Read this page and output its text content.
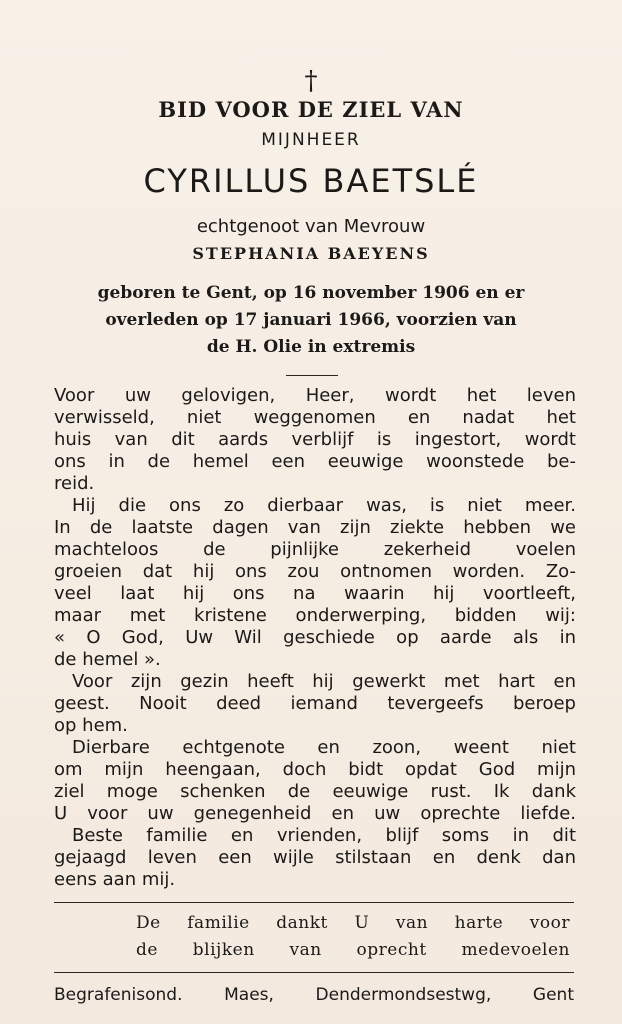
†
BID VOOR DE ZIEL VAN
MIJNHEER
CYRILLUS BAETSLÉ
echtgenoot van Mevrouw
STEPHANIA BAEYENS
geboren te Gent, op 16 november 1906 en er
overleden op 17 januari 1966, voorzien van
de H. Olie in extremis
Voor uw gelovigen, Heer, wordt het leven
verwisseld, niet weggenomen en nadat het
huis van dit aards verblijf is ingestort, wordt
ons in de hemel een eeuwige woonstede be-
reid.
Hij die ons zo dierbaar was, is niet meer.
In de laatste dagen van zijn ziekte hebben we
machteloos de pijnlijke zekerheid voelen
groeien dat hij ons zou ontnomen worden. Zo-
veel laat hij ons na waarin hij voortleeft,
maar met kristene onderwerping, bidden wij:
« O God, Uw Wil geschiede op aarde als in
de hemel ».
Voor zijn gezin heeft hij gewerkt met hart en
geest. Nooit deed iemand tevergeefs beroep
op hem.
Dierbare echtgenote en zoon, weent niet
om mijn heengaan, doch bidt opdat God mijn
ziel moge schenken de eeuwige rust. Ik dank
U voor uw genegenheid en uw oprechte liefde.
Beste familie en vrienden, blijf soms in dit
gejaagd leven een wijle stilstaan en denk dan
eens aan mij.
De familie dankt U van harte voor
de blijken van oprecht medevoelen
Begrafenisond. Maes, Dendermondsestwg, Gent
